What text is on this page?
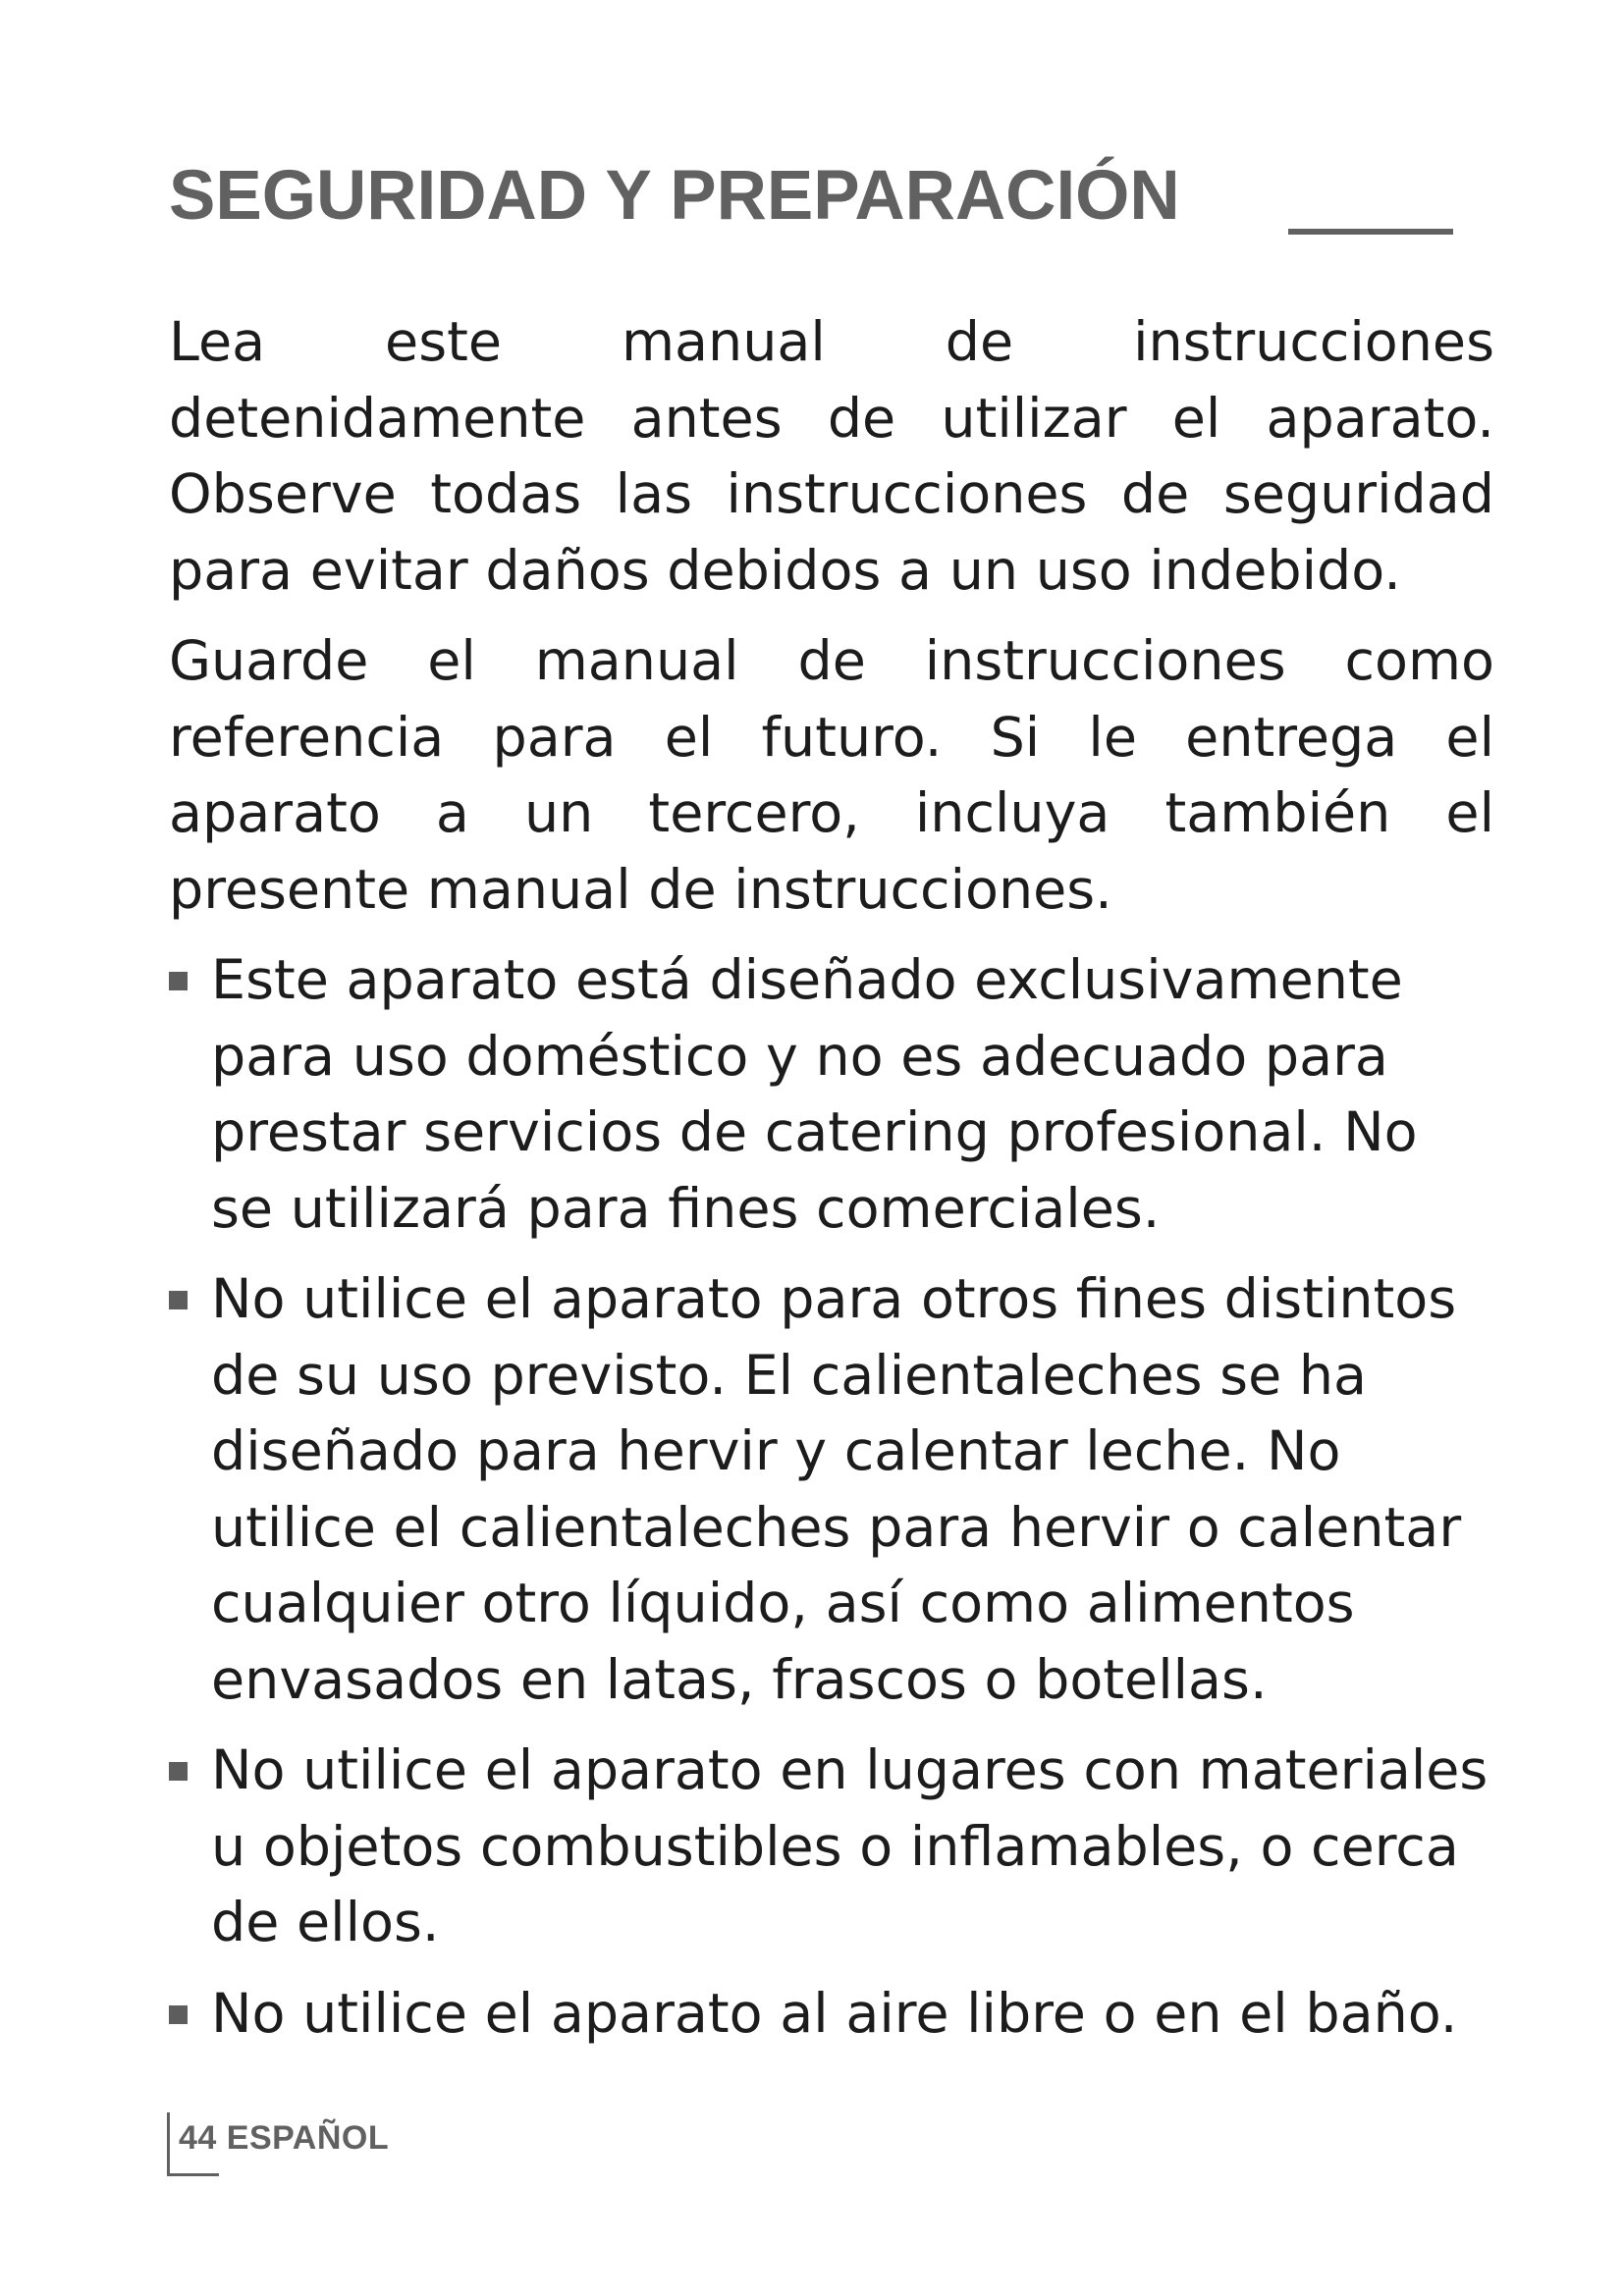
SEGURIDAD Y PREPARACIÓN

Lea este manual de instrucciones detenidamente antes de utilizar el aparato. Observe todas las instrucciones de seguridad para evitar daños debidos a un uso indebido.

Guarde el manual de instrucciones como referencia para el futuro. Si le entrega el aparato a un tercero, incluya también el presente manual de instrucciones.

Este aparato está diseñado exclusivamente para uso doméstico y no es adecuado para prestar servicios de catering profesional. No se utilizará para fines comerciales.
No utilice el aparato para otros fines distintos de su uso previsto. El calientaleches se ha diseñado para hervir y calentar leche. No utilice el calientaleches para hervir o calentar cualquier otro líquido, así como alimentos envasados en latas, frascos o botellas.
No utilice el aparato en lugares con materiales u objetos combustibles o inflamables, o cerca de ellos.
No utilice el aparato al aire libre o en el baño.
44 ESPAÑOL
